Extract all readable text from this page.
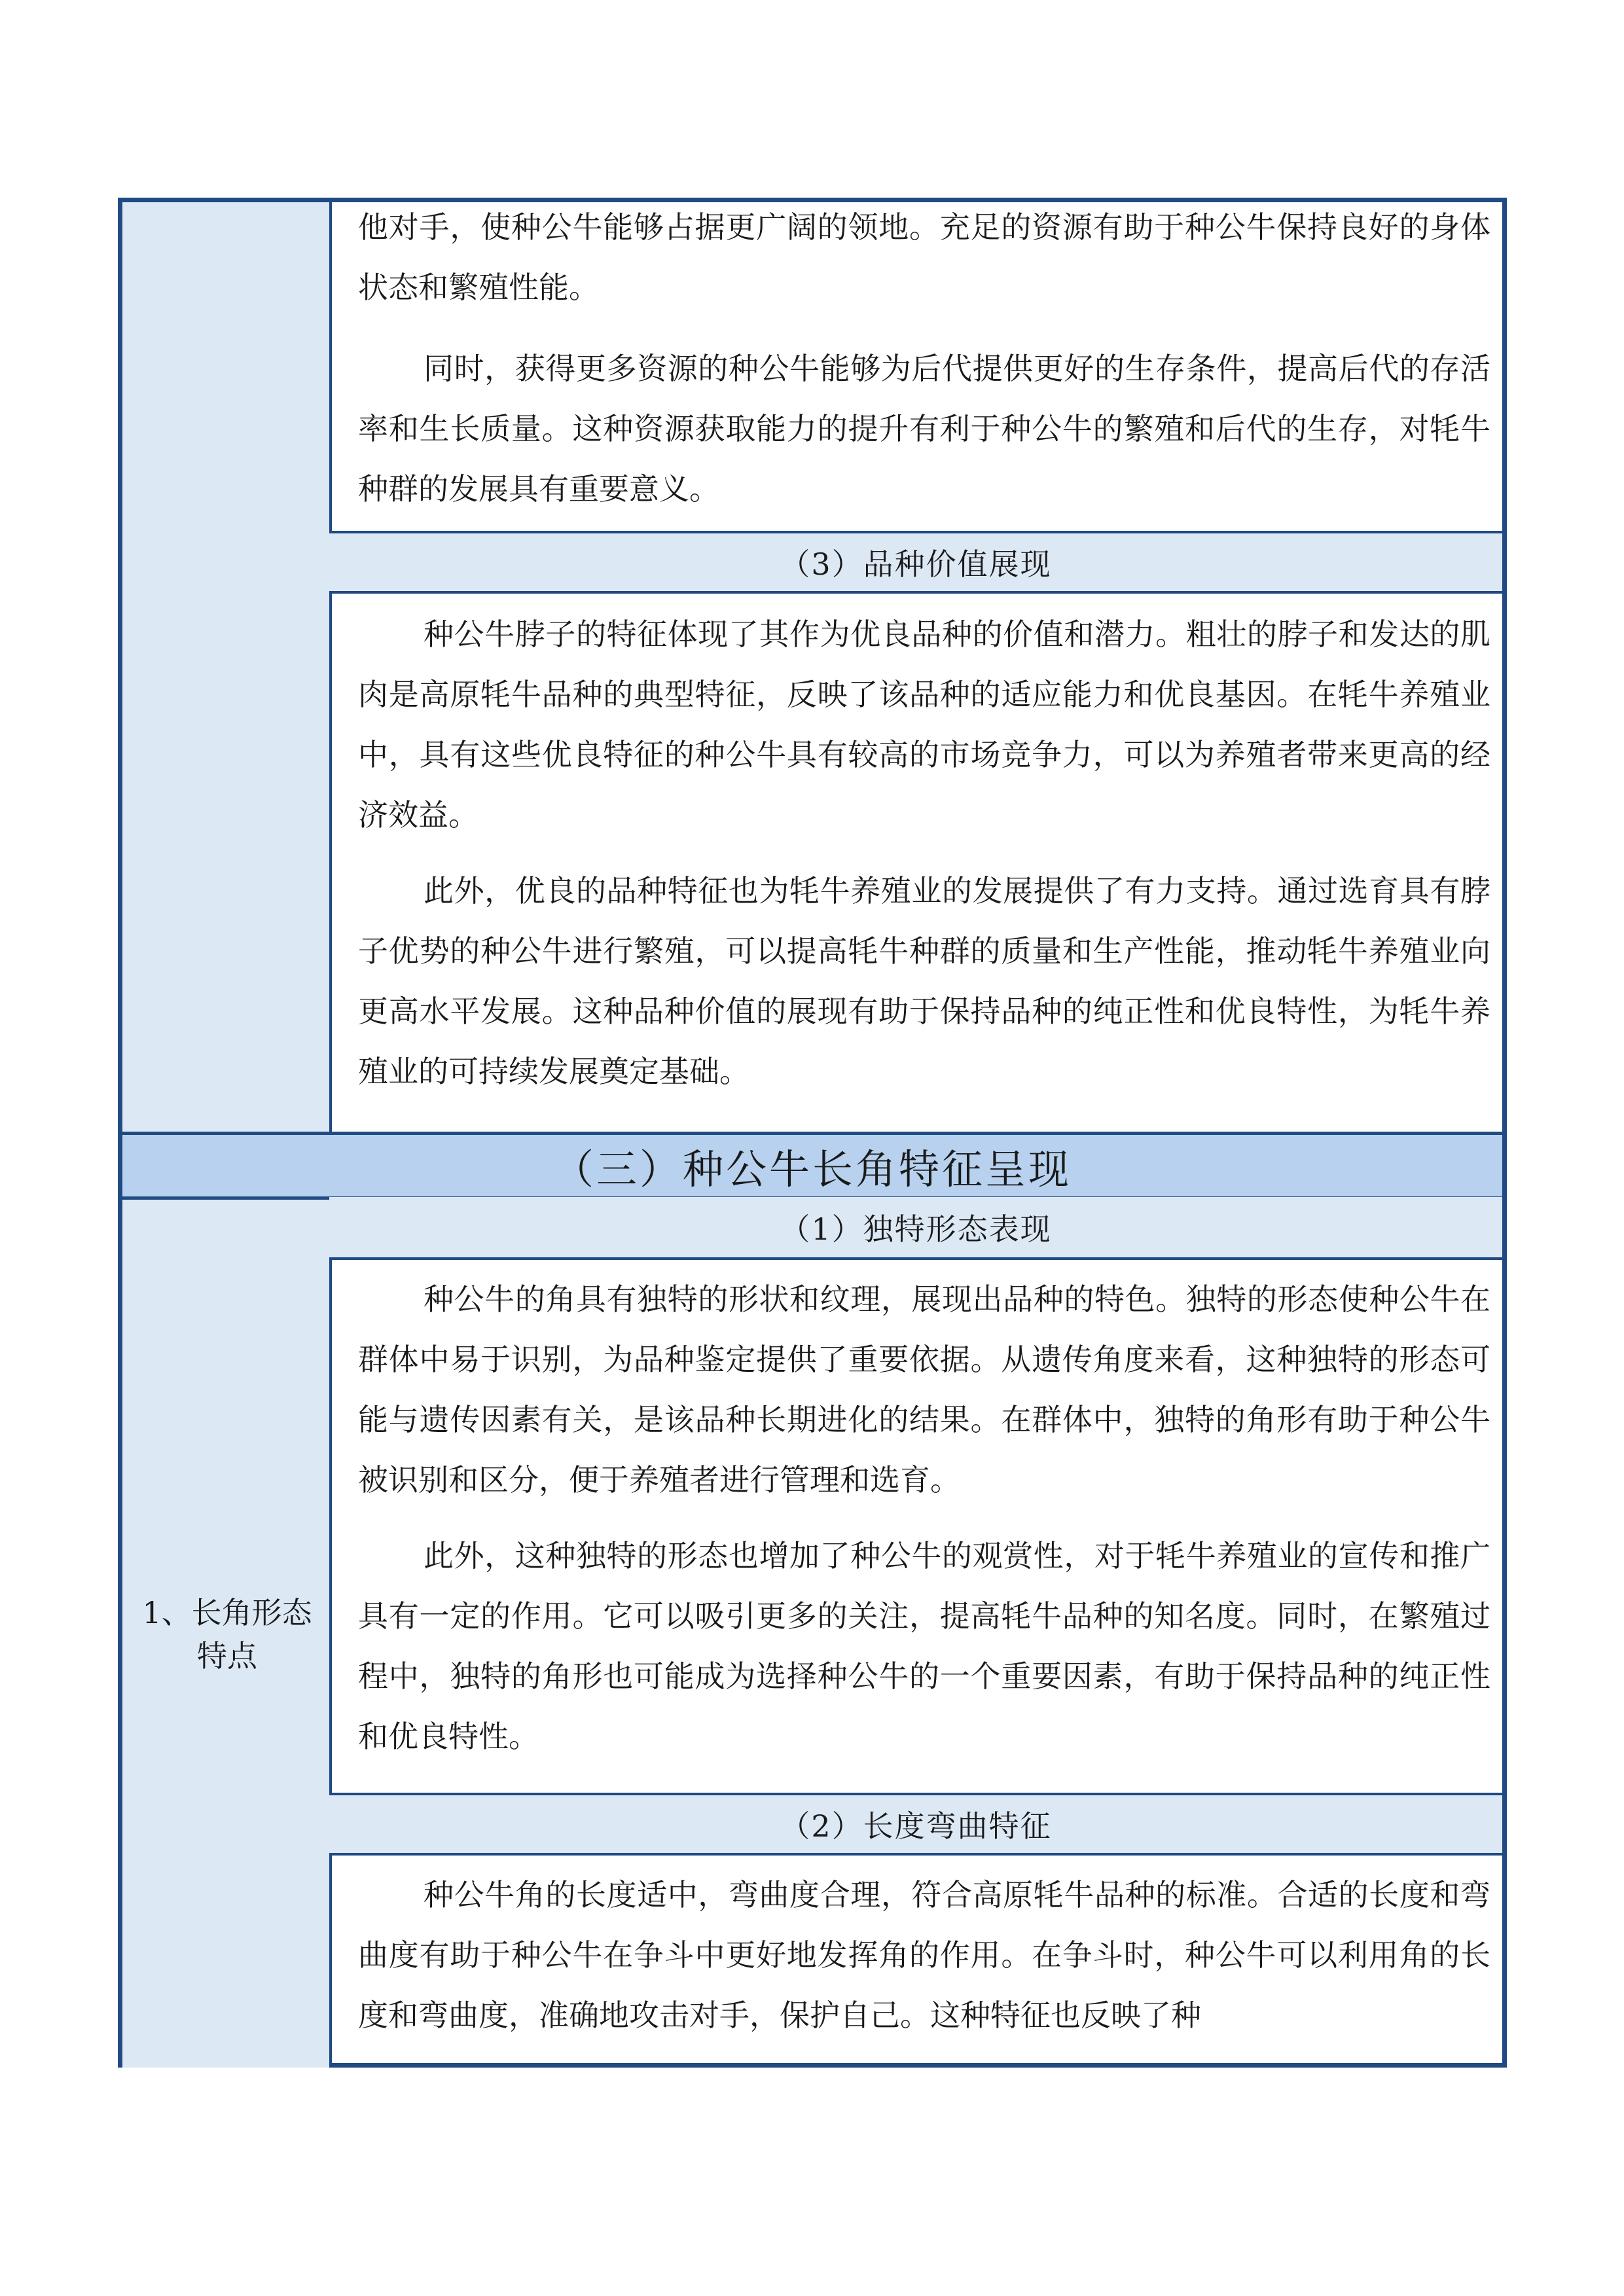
他对手，使种公牛能够占据更广阔的领地。充足的资源有助于种公牛保持良好的身体状态和繁殖性能。
同时，获得更多资源的种公牛能够为后代提供更好的生存条件，提高后代的存活率和生长质量。这种资源获取能力的提升有利于种公牛的繁殖和后代的生存，对牦牛种群的发展具有重要意义。
（3）品种价值展现
种公牛脖子的特征体现了其作为优良品种的价值和潜力。粗壮的脖子和发达的肌肉是高原牦牛品种的典型特征，反映了该品种的适应能力和优良基因。在牦牛养殖业中，具有这些优良特征的种公牛具有较高的市场竞争力，可以为养殖者带来更高的经济效益。
此外，优良的品种特征也为牦牛养殖业的发展提供了有力支持。通过选育具有脖子优势的种公牛进行繁殖，可以提高牦牛种群的质量和生产性能，推动牦牛养殖业向更高水平发展。这种品种价值的展现有助于保持品种的纯正性和优良特性，为牦牛养殖业的可持续发展奠定基础。
（三）种公牛长角特征呈现
1、长角形态特点
（1）独特形态表现
种公牛的角具有独特的形状和纹理，展现出品种的特色。独特的形态使种公牛在群体中易于识别，为品种鉴定提供了重要依据。从遗传角度来看，这种独特的形态可能与遗传因素有关，是该品种长期进化的结果。在群体中，独特的角形有助于种公牛被识别和区分，便于养殖者进行管理和选育。
此外，这种独特的形态也增加了种公牛的观赏性，对于牦牛养殖业的宣传和推广具有一定的作用。它可以吸引更多的关注，提高牦牛品种的知名度。同时，在繁殖过程中，独特的角形也可能成为选择种公牛的一个重要因素，有助于保持品种的纯正性和优良特性。
（2）长度弯曲特征
种公牛角的长度适中，弯曲度合理，符合高原牦牛品种的标准。合适的长度和弯曲度有助于种公牛在争斗中更好地发挥角的作用。在争斗时，种公牛可以利用角的长度和弯曲度，准确地攻击对手，保护自己。这种特征也反映了种
